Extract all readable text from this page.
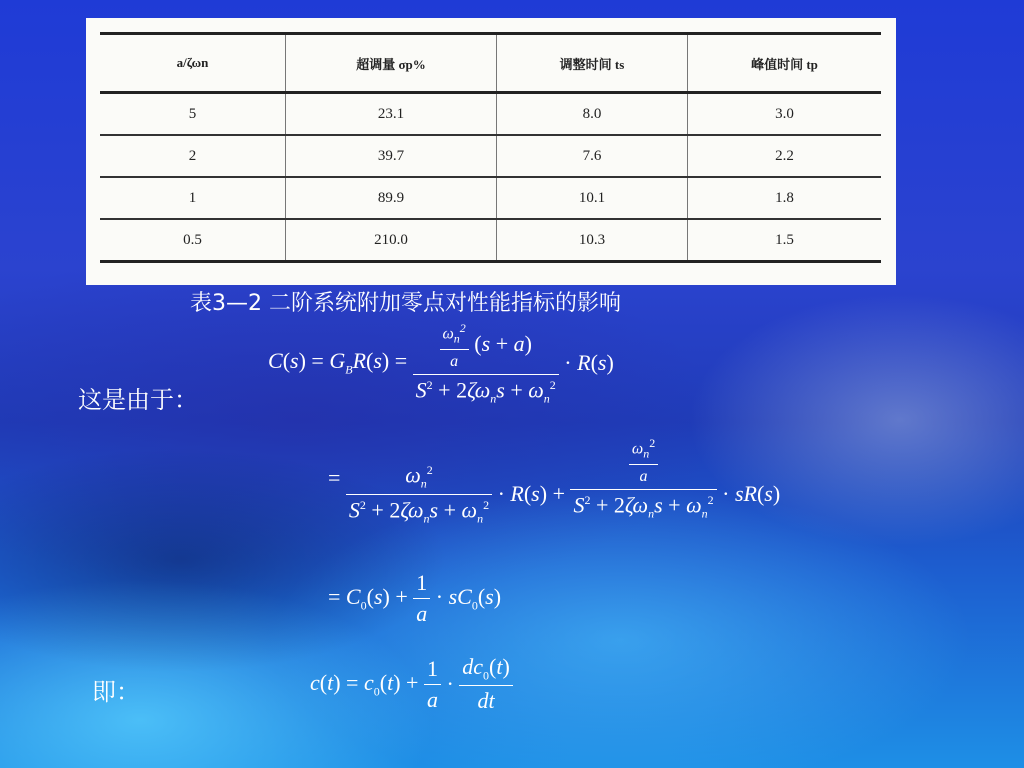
a/ζωn	超调量 σp%	调整时间 ts	峰值时间 tp
5	23.1	8.0	3.0
2	39.7	7.6	2.2
1	89.9	10.1	1.8
0.5	210.0	10.3	1.5
表3—2 二阶系统附加零点对性能指标的影响
这是由于：
即：
$C(s) = G_BR(s) = \frac{\frac{\omega_n^2}{a} (s + a)}{S^2 + 2\zeta\omega_ns + \omega_n^2} \cdot R(s)$
= $\frac{\omega_n^2}{S^2 + 2\zeta\omega_ns + \omega_n^2} \cdot R(s) + \frac{\frac{\omega_n^2}{a}}{S^2 + 2\zeta\omega_ns + \omega_n^2} \cdot sR(s)$
= $C_0(s) + \frac{1}{a} \cdot sC_0(s)$
$c(t) = c_0(t) + \frac{1}{a} \cdot \frac{dc_0(t)}{dt}$
